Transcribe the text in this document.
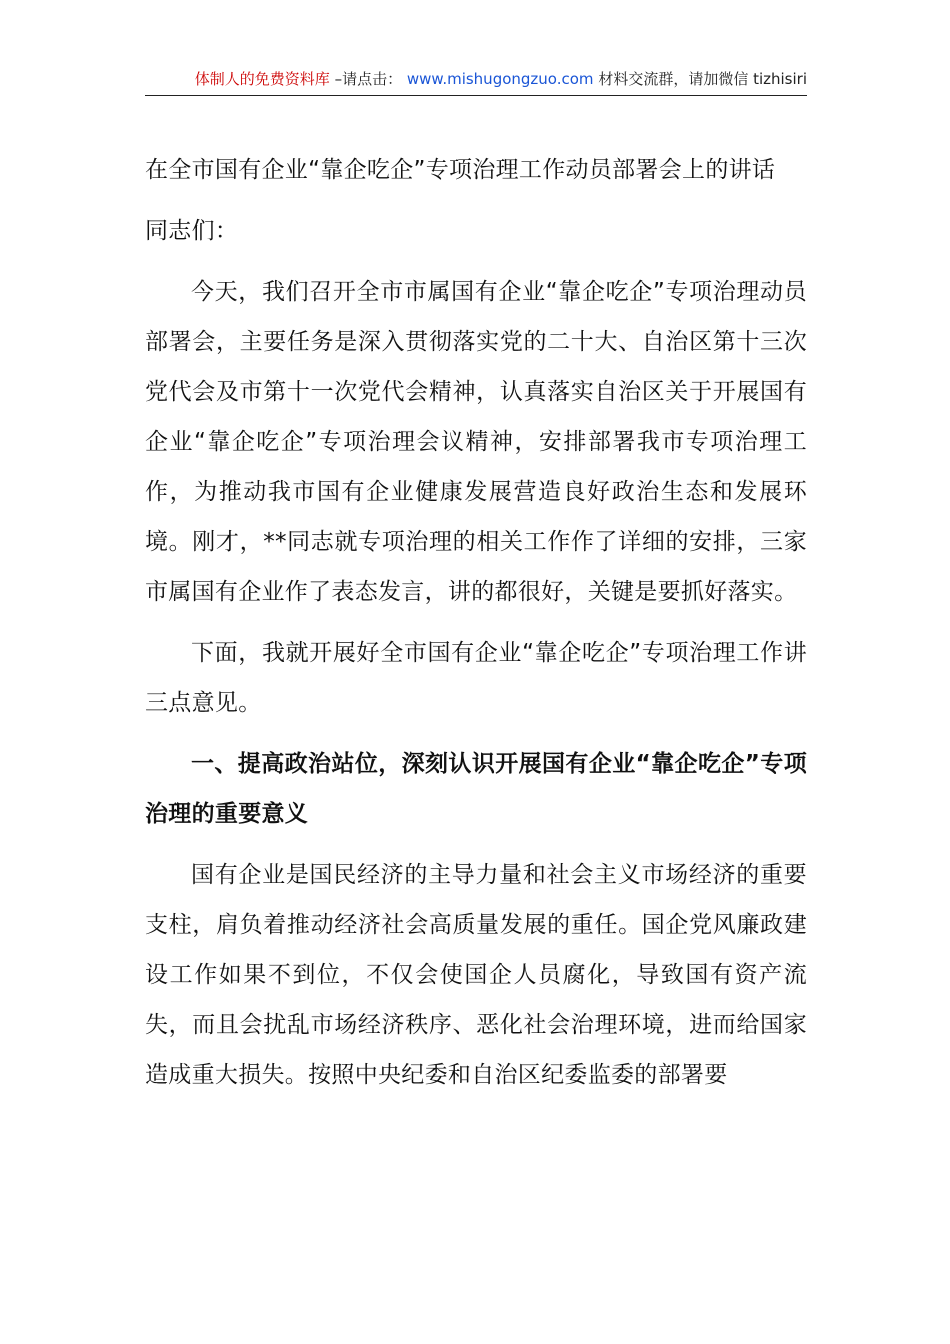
体制人的免费资料库 –请点击： www.mishugongzuo.com 材料交流群，请加微信 tizhisiri

在全市国有企业“靠企吃企”专项治理工作动员部署会上的讲话

同志们：

今天，我们召开全市市属国有企业“靠企吃企”专项治理动员部署会，主要任务是深入贯彻落实党的二十大、自治区第十三次党代会及市第十一次党代会精神，认真落实自治区关于开展国有企业“靠企吃企”专项治理会议精神，安排部署我市专项治理工作，为推动我市国有企业健康发展营造良好政治生态和发展环境。刚才，**同志就专项治理的相关工作作了详细的安排，三家市属国有企业作了表态发言，讲的都很好，关键是要抓好落实。

下面，我就开展好全市国有企业“靠企吃企”专项治理工作讲三点意见。

一、提高政治站位，深刻认识开展国有企业“靠企吃企”专项治理的重要意义

国有企业是国民经济的主导力量和社会主义市场经济的重要支柱，肩负着推动经济社会高质量发展的重任。国企党风廉政建设工作如果不到位，不仅会使国企人员腐化，导致国有资产流失，而且会扰乱市场经济秩序、恶化社会治理环境，进而给国家造成重大损失。按照中央纪委和自治区纪委监委的部署要
